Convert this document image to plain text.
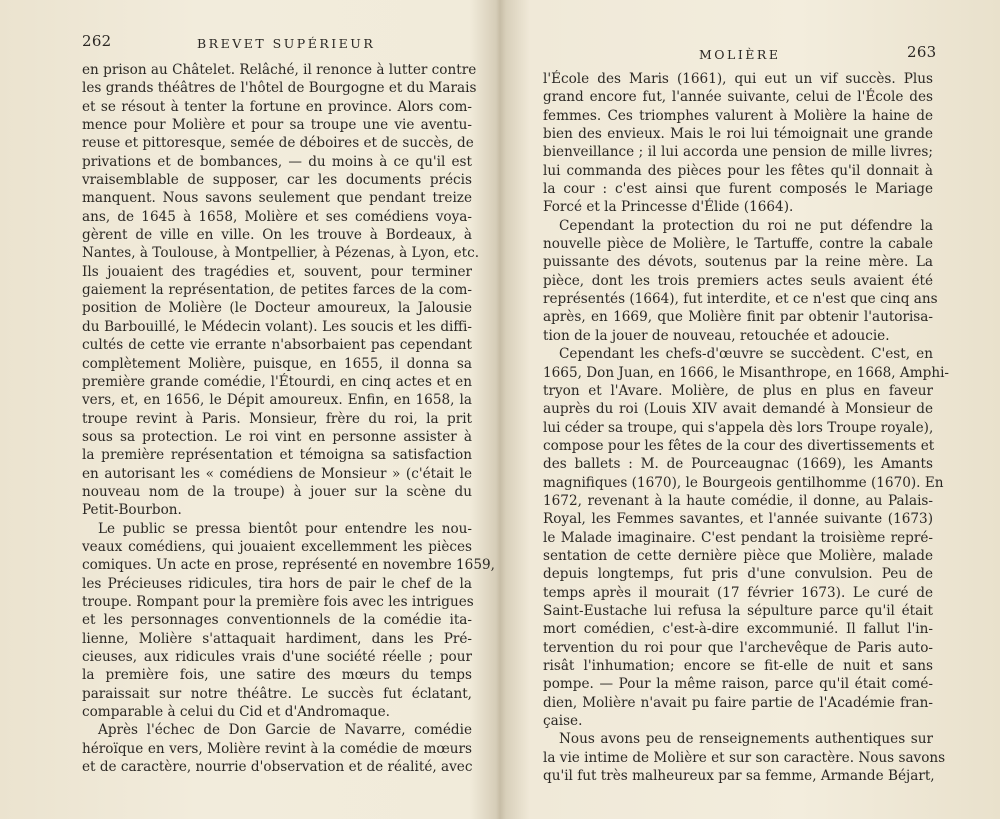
262	BREVET SUPÉRIEUR
en prison au Châtelet. Relâché, il renonce à lutter contre
les grands théâtres de l'hôtel de Bourgogne et du Marais
et se résout à tenter la fortune en province. Alors com-
mence pour Molière et pour sa troupe une vie aventu-
reuse et pittoresque, semée de déboires et de succès, de
privations et de bombances, — du moins à ce qu'il est
vraisemblable de supposer, car les documents précis
manquent. Nous savons seulement que pendant treize
ans, de 1645 à 1658, Molière et ses comédiens voya-
gèrent de ville en ville. On les trouve à Bordeaux, à
Nantes, à Toulouse, à Montpellier, à Pézenas, à Lyon, etc.
Ils jouaient des tragédies et, souvent, pour terminer
gaiement la représentation, de petites farces de la com-
position de Molière (le Docteur amoureux, la Jalousie
du Barbouillé, le Médecin volant). Les soucis et les diffi-
cultés de cette vie errante n'absorbaient pas cependant
complètement Molière, puisque, en 1655, il donna sa
première grande comédie, l'Étourdi, en cinq actes et en
vers, et, en 1656, le Dépit amoureux. Enfin, en 1658, la
troupe revint à Paris. Monsieur, frère du roi, la prit
sous sa protection. Le roi vint en personne assister à
la première représentation et témoigna sa satisfaction
en autorisant les « comédiens de Monsieur » (c'était le
nouveau nom de la troupe) à jouer sur la scène du
Petit-Bourbon.
Le public se pressa bientôt pour entendre les nou-
veaux comédiens, qui jouaient excellemment les pièces
comiques. Un acte en prose, représenté en novembre 1659,
les Précieuses ridicules, tira hors de pair le chef de la
troupe. Rompant pour la première fois avec les intrigues
et les personnages conventionnels de la comédie ita-
lienne, Molière s'attaquait hardiment, dans les Pré-
cieuses, aux ridicules vrais d'une société réelle ; pour
la première fois, une satire des mœurs du temps
paraissait sur notre théâtre. Le succès fut éclatant,
comparable à celui du Cid et d'Andromaque.
Après l'échec de Don Garcie de Navarre, comédie
héroïque en vers, Molière revint à la comédie de mœurs
et de caractère, nourrie d'observation et de réalité, avec
MOLIÈRE	263
l'École des Maris (1661), qui eut un vif succès. Plus
grand encore fut, l'année suivante, celui de l'École des
femmes. Ces triomphes valurent à Molière la haine de
bien des envieux. Mais le roi lui témoignait une grande
bienveillance ; il lui accorda une pension de mille livres;
lui commanda des pièces pour les fêtes qu'il donnait à
la cour : c'est ainsi que furent composés le Mariage
Forcé et la Princesse d'Élide (1664).
Cependant la protection du roi ne put défendre la
nouvelle pièce de Molière, le Tartuffe, contre la cabale
puissante des dévots, soutenus par la reine mère. La
pièce, dont les trois premiers actes seuls avaient été
représentés (1664), fut interdite, et ce n'est que cinq ans
après, en 1669, que Molière finit par obtenir l'autorisa-
tion de la jouer de nouveau, retouchée et adoucie.
Cependant les chefs-d'œuvre se succèdent. C'est, en
1665, Don Juan, en 1666, le Misanthrope, en 1668, Amphi-
tryon et l'Avare. Molière, de plus en plus en faveur
auprès du roi (Louis XIV avait demandé à Monsieur de
lui céder sa troupe, qui s'appela dès lors Troupe royale),
compose pour les fêtes de la cour des divertissements et
des ballets : M. de Pourceaugnac (1669), les Amants
magnifiques (1670), le Bourgeois gentilhomme (1670). En
1672, revenant à la haute comédie, il donne, au Palais-
Royal, les Femmes savantes, et l'année suivante (1673)
le Malade imaginaire. C'est pendant la troisième repré-
sentation de cette dernière pièce que Molière, malade
depuis longtemps, fut pris d'une convulsion. Peu de
temps après il mourait (17 février 1673). Le curé de
Saint-Eustache lui refusa la sépulture parce qu'il était
mort comédien, c'est-à-dire excommunié. Il fallut l'in-
tervention du roi pour que l'archevêque de Paris auto-
risât l'inhumation; encore se fit-elle de nuit et sans
pompe. — Pour la même raison, parce qu'il était comé-
dien, Molière n'avait pu faire partie de l'Académie fran-
çaise.
Nous avons peu de renseignements authentiques sur
la vie intime de Molière et sur son caractère. Nous savons
qu'il fut très malheureux par sa femme, Armande Béjart,
